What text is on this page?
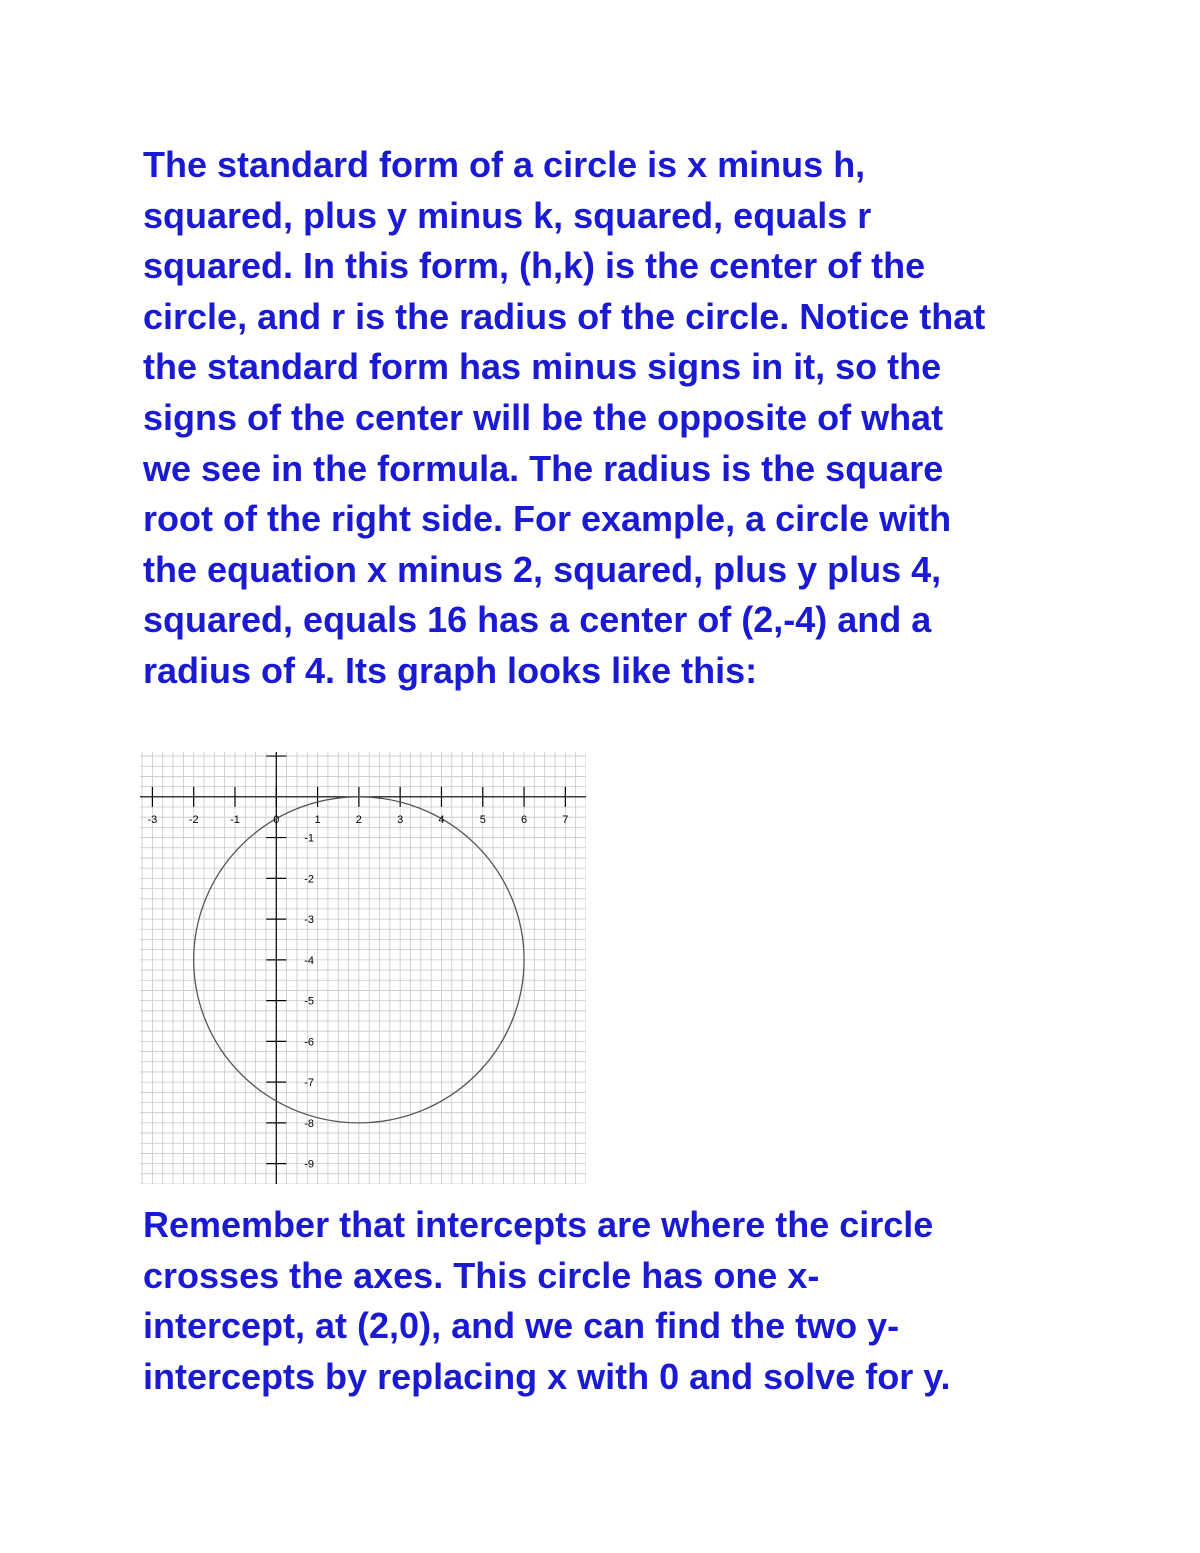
The standard form of a circle is x minus h,
squared, plus y minus k, squared, equals r
squared. In this form, (h,k) is the center of the
circle, and r is the radius of the circle. Notice that
the standard form has minus signs in it, so the
signs of the center will be the opposite of what
we see in the formula. The radius is the square
root of the right side. For example, a circle with
the equation x minus 2, squared, plus y plus 4,
squared, equals 16 has a center of (2,-4) and a
radius of 4. Its graph looks like this:
-3	-2	-1	0	1	2	3	4	5	6	7
-1
-2
-3
-4
-5
-6
-7
-8
-9
Remember that intercepts are where the circle
crosses the axes. This circle has one x-
intercept, at (2,0), and we can find the two y-
intercepts by replacing x with 0 and solve for y.
